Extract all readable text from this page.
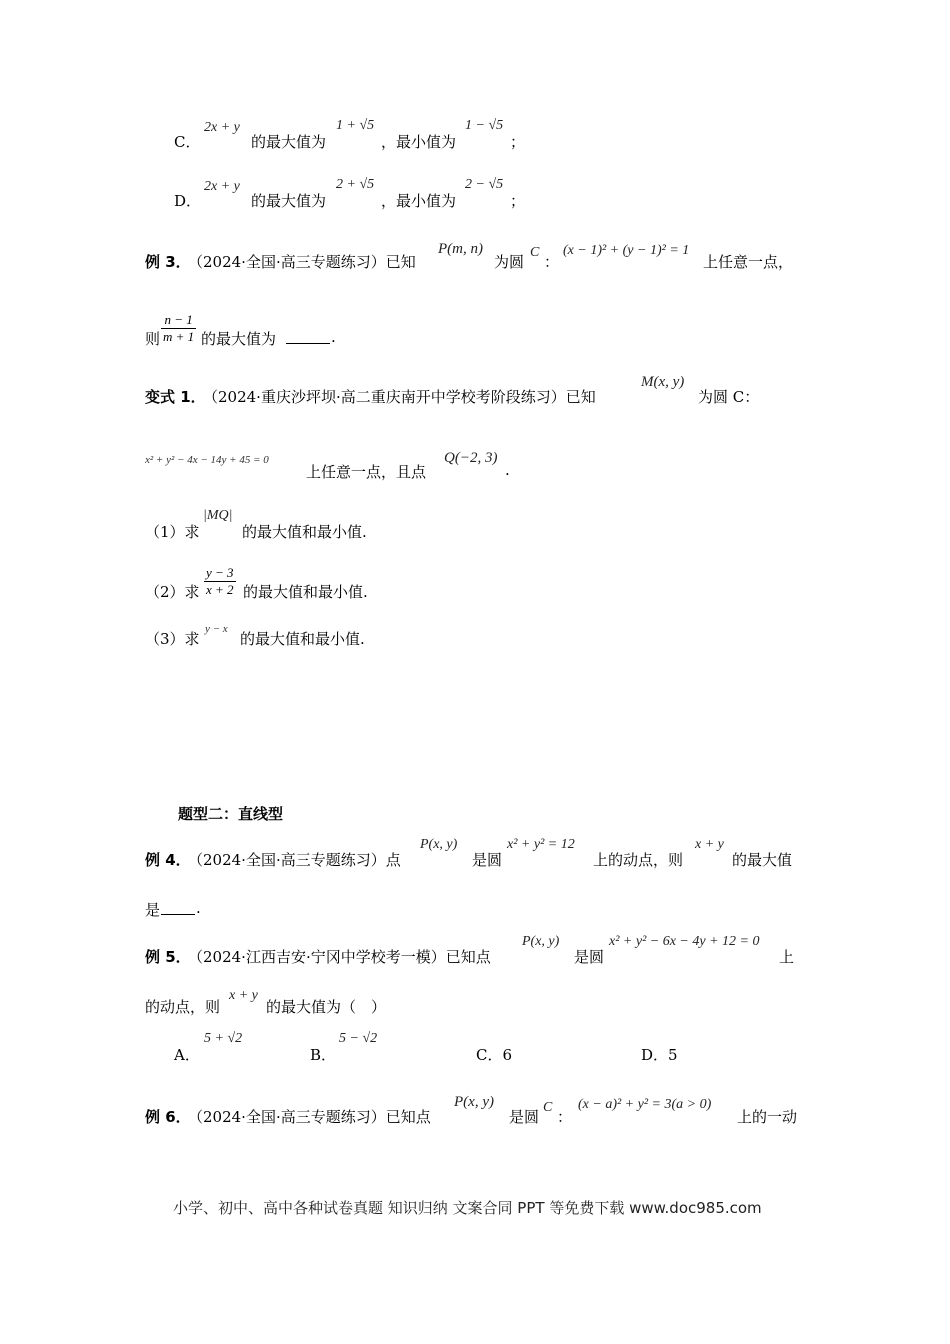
C．
2x + y
的最大值为
1 + √5
，最小值为
1 − √5
；
D．
2x + y
的最大值为
2 + √5
，最小值为
2 − √5
；
例 3．
（2024·全国·高三专题练习）已知
P(m, n)
为圆
C
：
(x − 1)² + (y − 1)² = 1
上任意一点，
则 $\frac{n - 1}{m + 1}$ 的最大值为	.
变式 1．
（2024·重庆沙坪坝·高二重庆南开中学校考阶段练习）已知
M(x, y)
为圆 C：
x² + y² − 4x − 14y + 45 = 0
上任意一点，且点
Q(−2, 3)
.
（1）求
|MQ|
的最大值和最小值.
（2）求 $\frac{y - 3}{x + 2}$ 的最大值和最小值.
（3）求
y − x
的最大值和最小值.
题型二：直线型
例 4．
（2024·全国·高三专题练习）点
P(x, y)
是圆
x² + y² = 12
上的动点，则
x + y
的最大值
是 .
例 5．
（2024·江西吉安·宁冈中学校考一模）已知点
P(x, y)
是圆
x² + y² − 6x − 4y + 12 = 0
上
的动点，则
x + y
的最大值为（　）
A．
5 + √2
B．
5 − √2
C．6	D．5
例 6．
（2024·全国·高三专题练习）已知点
P(x, y)
是圆
C
：
(x − a)² + y² = 3(a > 0)
上的一动
小学、初中、高中各种试卷真题 知识归纳 文案合同 PPT 等免费下载 www.doc985.com
